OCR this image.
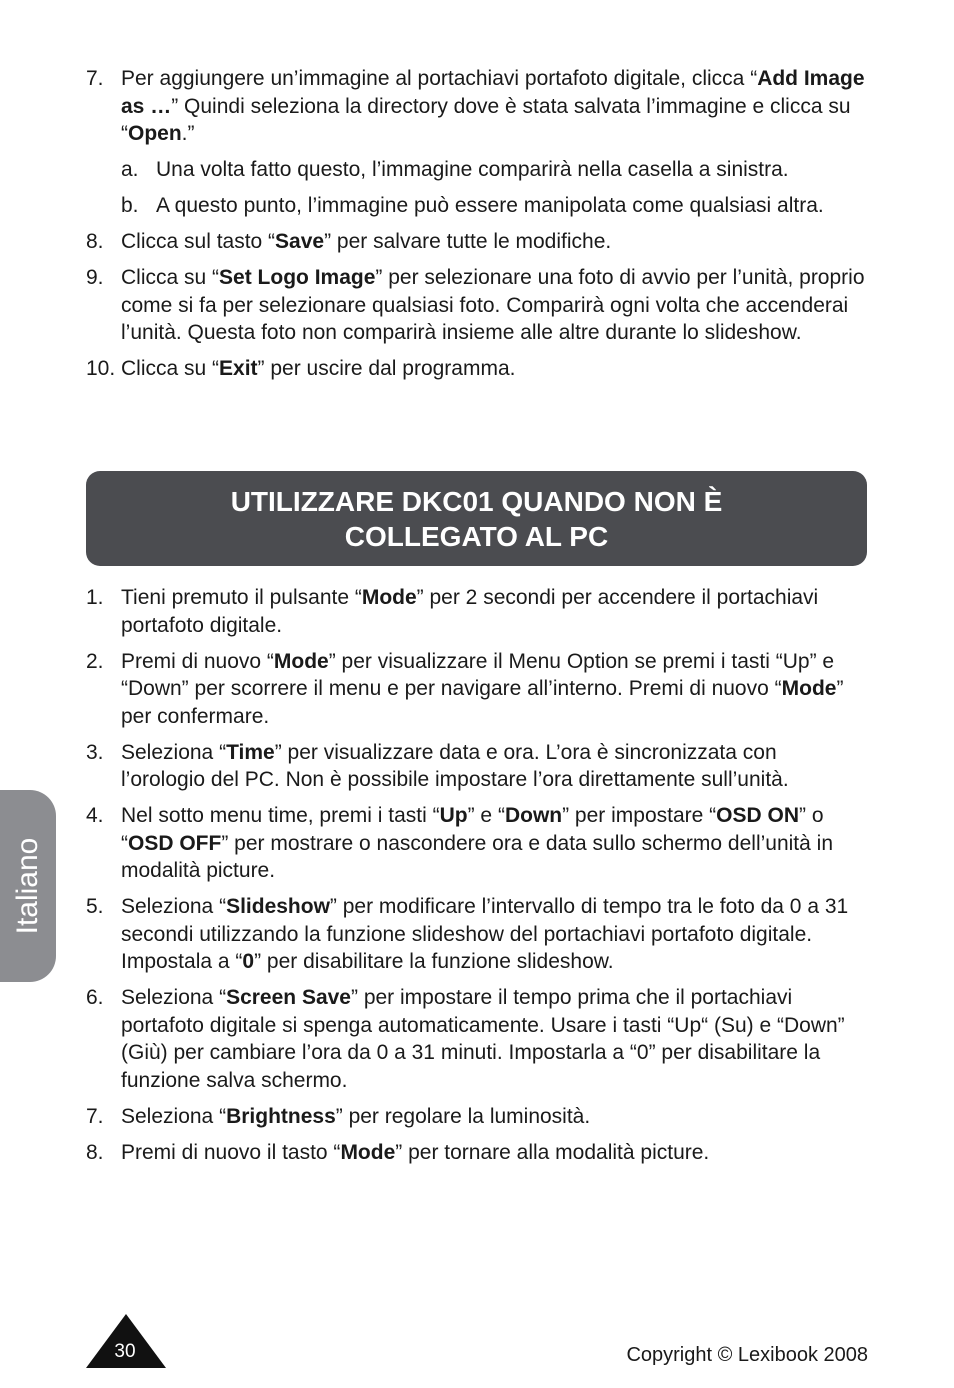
7. Per aggiungere un’immagine al portachiavi portafoto digitale, clicca “Add Image as …” Quindi seleziona la directory dove è stata salvata l’immagine e clicca su “Open.”
a. Una volta fatto questo, l’immagine comparirà nella casella a sinistra.
b. A questo punto, l’immagine può essere manipolata come qualsiasi altra.
8. Clicca sul tasto “Save” per salvare tutte le modifiche.
9. Clicca su “Set Logo Image” per selezionare una foto di avvio per l’unità, proprio come si fa per selezionare qualsiasi foto. Comparirà ogni volta che accenderai l’unità. Questa foto non comparirà insieme alle altre durante lo slideshow.
10. Clicca su “Exit” per uscire dal programma.
UTILIZZARE DKC01 QUANDO NON È COLLEGATO AL PC
1. Tieni premuto il pulsante “Mode” per 2 secondi per accendere il portachiavi portafoto digitale.
2. Premi di nuovo “Mode” per visualizzare il Menu Option se premi i tasti “Up” e “Down” per scorrere il menu e per navigare all’interno. Premi di nuovo “Mode” per confermare.
3. Seleziona “Time” per visualizzare data e ora. L’ora è sincronizzata con l’orologio del PC. Non è possibile impostare l’ora direttamente sull’unità.
4. Nel sotto menu time, premi i tasti “Up” e “Down” per impostare “OSD ON” o “OSD OFF” per mostrare o nascondere ora e data sullo schermo dell’unità in modalità picture.
5. Seleziona “Slideshow” per modificare l’intervallo di tempo tra le foto da 0 a 31 secondi utilizzando la funzione slideshow del portachiavi portafoto digitale. Impostala a “0” per disabilitare la funzione slideshow.
6. Seleziona “Screen Save” per impostare il tempo prima che il portachiavi portafoto digitale si spenga automaticamente. Usare i tasti “Up“ (Su) e “Down” (Giù) per cambiare l’ora da 0 a 31 minuti. Impostarla a “0” per disabilitare la funzione salva schermo.
7. Seleziona “Brightness” per regolare la luminosità.
8. Premi di nuovo il tasto “Mode” per tornare alla modalità picture.
Italiano
30	Copyright © Lexibook 2008
